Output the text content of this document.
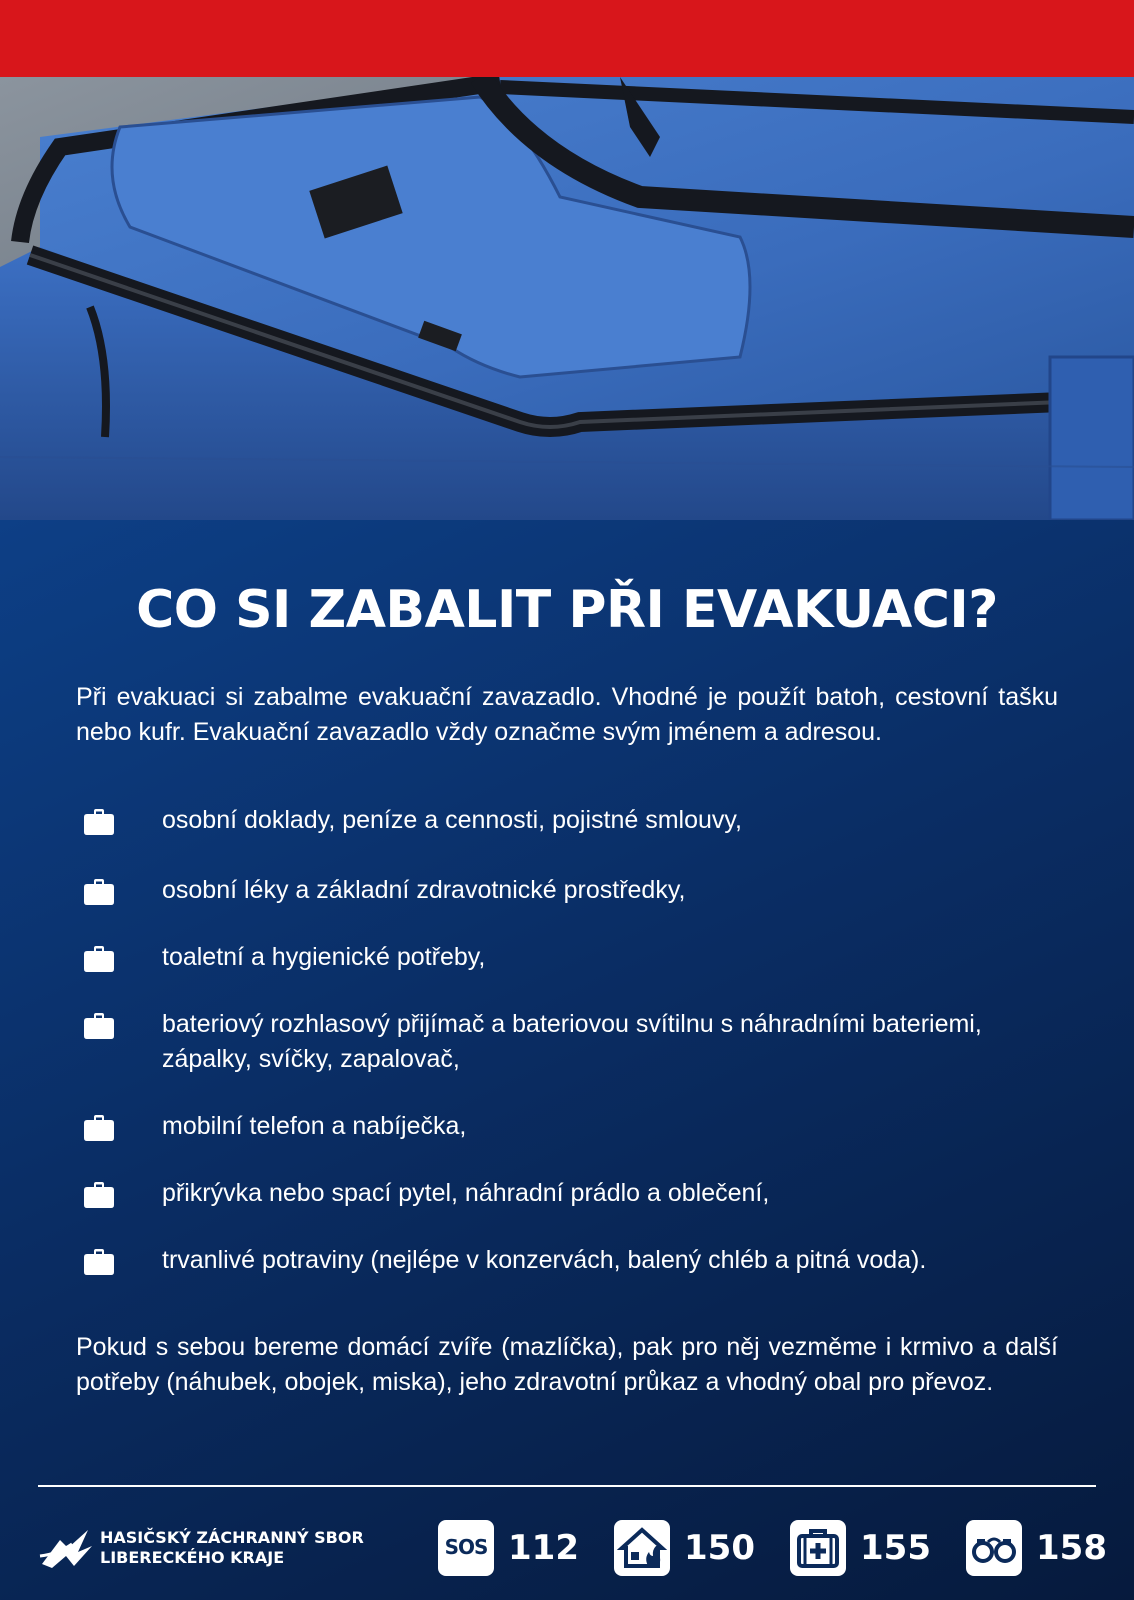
CO SI ZABALIT PŘI EVAKUACI?

Při evakuaci si zabalme evakuační zavazadlo. Vhodné je použít batoh, cestovní tašku nebo kufr. Evakuační zavazadlo vždy označme svým jménem a adresou.

osobní doklady, peníze a cennosti, pojistné smlouvy,
osobní léky a základní zdravotnické prostředky,
toaletní a hygienické potřeby,
bateriový rozhlasový přijímač a bateriovou svítilnu s náhradními bateriemi, zápalky, svíčky, zapalovač,
mobilní telefon a nabíječka,
přikrývka nebo spací pytel, náhradní prádlo a oblečení,
trvanlivé potraviny (nejlépe v konzervách, balený chléb a pitná voda).

Pokud s sebou bereme domácí zvíře (mazlíčka), pak pro něj vezměme i krmivo a další potřeby (náhubek, obojek, miska), jeho zdravotní průkaz a vhodný obal pro převoz.

HASIČSKÝ ZÁCHRANNÝ SBOR
LIBERECKÉHO KRAJE	SOS 112	150	155	158
